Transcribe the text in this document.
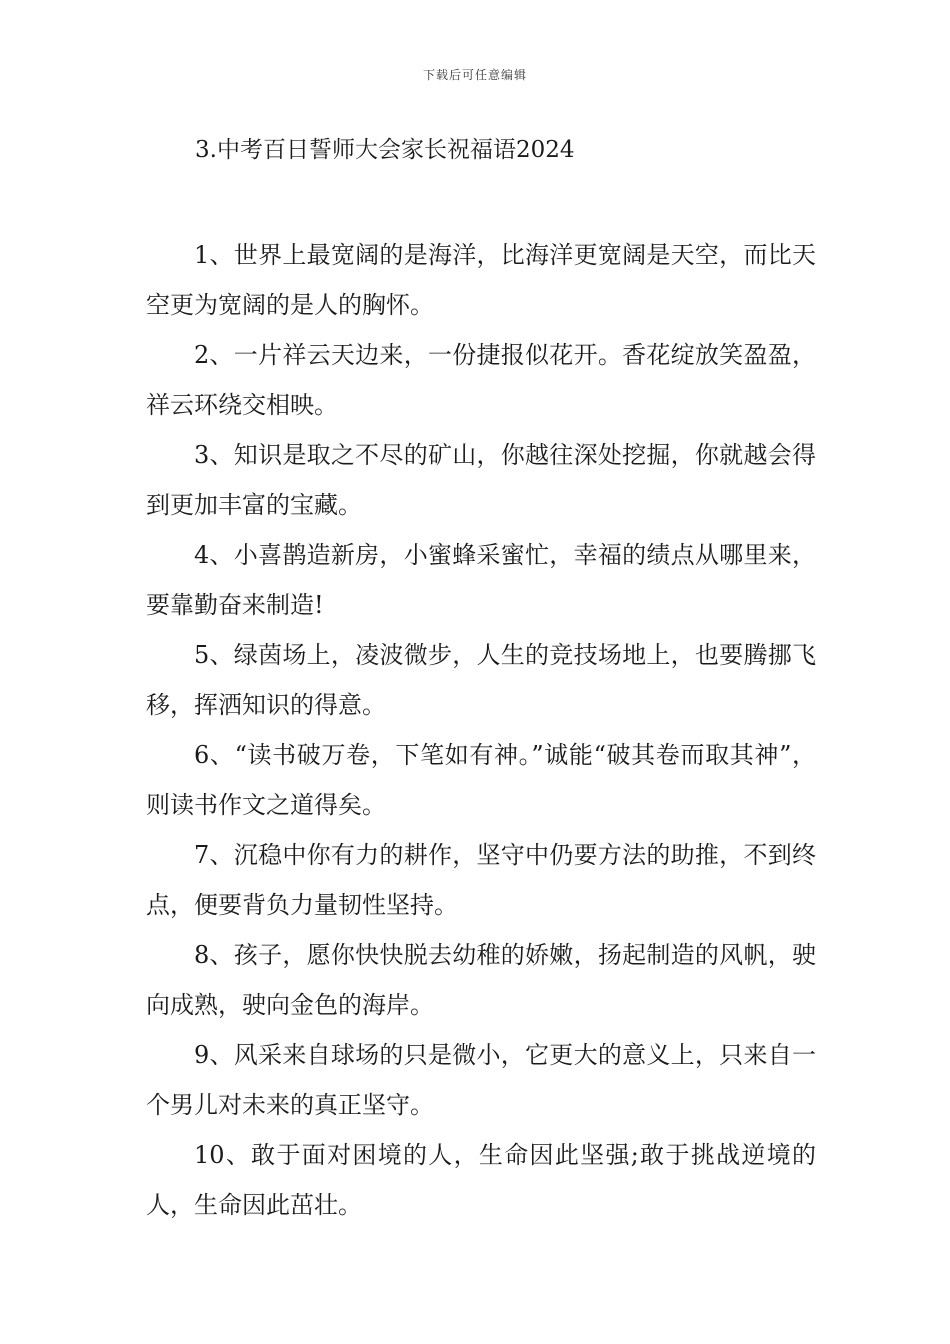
下载后可任意编辑
3.中考百日誓师大会家长祝福语2024

1、世界上最宽阔的是海洋，比海洋更宽阔是天空，而比天空更为宽阔的是人的胸怀。

2、一片祥云天边来，一份捷报似花开。香花绽放笑盈盈，祥云环绕交相映。

3、知识是取之不尽的矿山，你越往深处挖掘，你就越会得到更加丰富的宝藏。

4、小喜鹊造新房，小蜜蜂采蜜忙，幸福的绩点从哪里来，要靠勤奋来制造!

5、绿茵场上，凌波微步，人生的竞技场地上，也要腾挪飞移，挥洒知识的得意。

6、“读书破万卷，下笔如有神。”诚能“破其卷而取其神”，则读书作文之道得矣。

7、沉稳中你有力的耕作，坚守中仍要方法的助推，不到终点，便要背负力量韧性坚持。

8、孩子，愿你快快脱去幼稚的娇嫩，扬起制造的风帆，驶向成熟，驶向金色的海岸。

9、风采来自球场的只是微小，它更大的意义上，只来自一个男儿对未来的真正坚守。

10、敢于面对困境的人，生命因此坚强;敢于挑战逆境的人，生命因此茁壮。
